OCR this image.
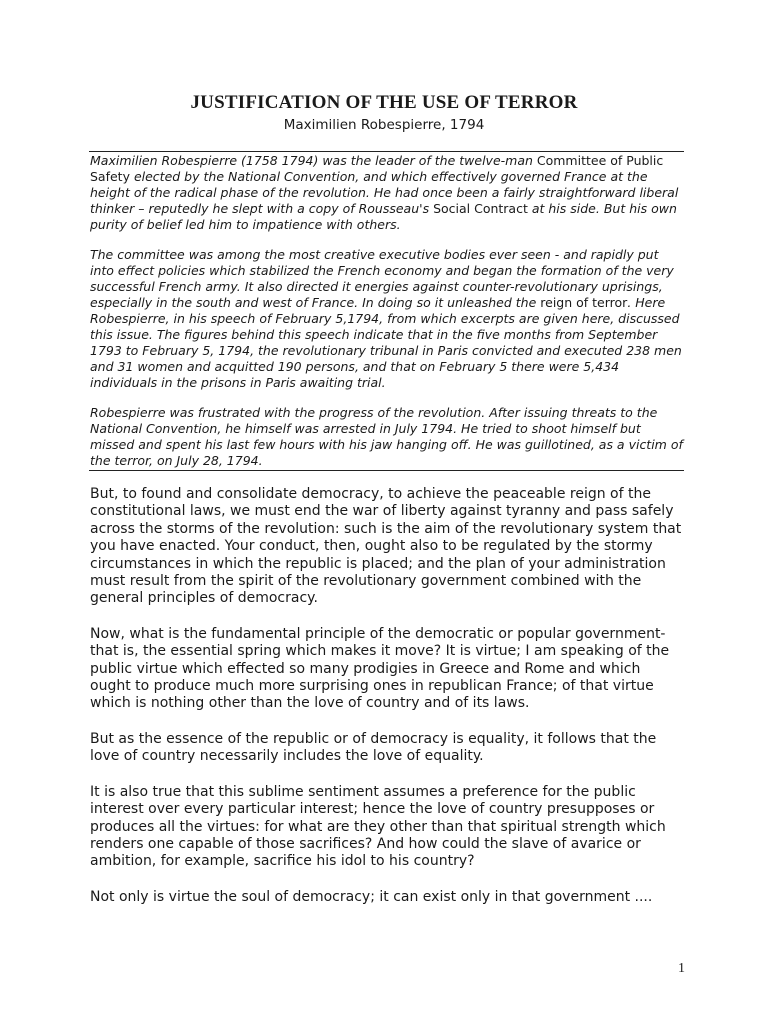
JUSTIFICATION OF THE USE OF TERROR
Maximilien Robespierre, 1794

Maximilien Robespierre (1758 1794) was the leader of the twelve-man Committee of Public Safety elected by the National Convention, and which effectively governed France at the height of the radical phase of the revolution. He had once been a fairly straightforward liberal thinker – reputedly he slept with a copy of Rousseau's Social Contract at his side. But his own purity of belief led him to impatience with others.

The committee was among the most creative executive bodies ever seen - and rapidly put into effect policies which stabilized the French economy and began the formation of the very successful French army. It also directed it energies against counter-revolutionary uprisings, especially in the south and west of France. In doing so it unleashed the reign of terror. Here Robespierre, in his speech of February 5,1794, from which excerpts are given here, discussed this issue. The figures behind this speech indicate that in the five months from September 1793 to February 5, 1794, the revolutionary tribunal in Paris convicted and executed 238 men and 31 women and acquitted 190 persons, and that on February 5 there were 5,434 individuals in the prisons in Paris awaiting trial.

Robespierre was frustrated with the progress of the revolution. After issuing threats to the National Convention, he himself was arrested in July 1794. He tried to shoot himself but missed and spent his last few hours with his jaw hanging off. He was guillotined, as a victim of the terror, on July 28, 1794.

But, to found and consolidate democracy, to achieve the peaceable reign of the constitutional laws, we must end the war of liberty against tyranny and pass safely across the storms of the revolution: such is the aim of the revolutionary system that you have enacted. Your conduct, then, ought also to be regulated by the stormy circumstances in which the republic is placed; and the plan of your administration must result from the spirit of the revolutionary government combined with the general principles of democracy.

Now, what is the fundamental principle of the democratic or popular government-that is, the essential spring which makes it move? It is virtue; I am speaking of the public virtue which effected so many prodigies in Greece and Rome and which ought to produce much more surprising ones in republican France; of that virtue which is nothing other than the love of country and of its laws.

But as the essence of the republic or of democracy is equality, it follows that the love of country necessarily includes the love of equality.

It is also true that this sublime sentiment assumes a preference for the public interest over every particular interest; hence the love of country presupposes or produces all the virtues: for what are they other than that spiritual strength which renders one capable of those sacrifices? And how could the slave of avarice or ambition, for example, sacrifice his idol to his country?

Not only is virtue the soul of democracy; it can exist only in that government ....

1
